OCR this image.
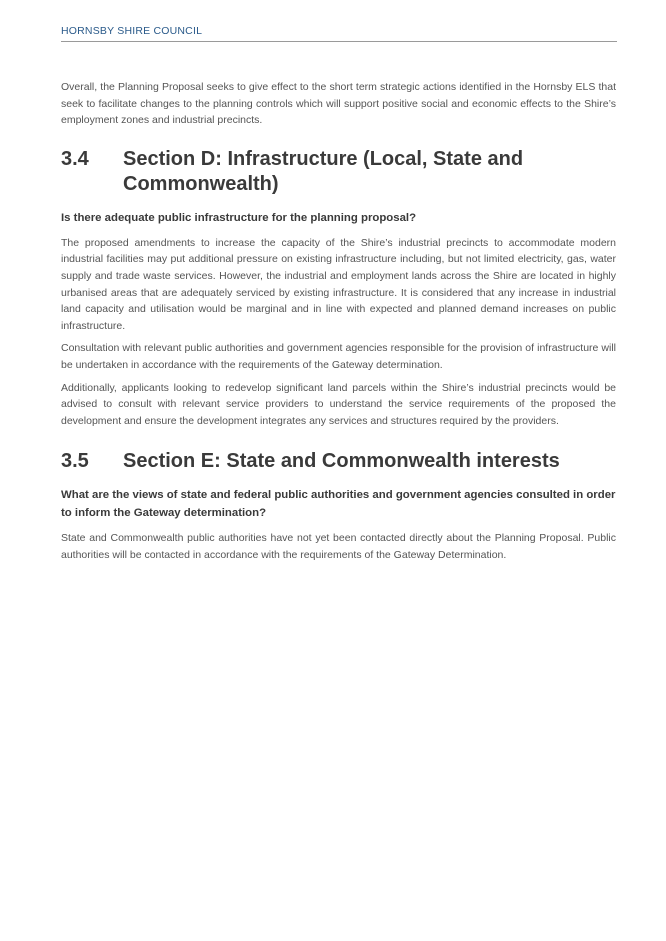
HORNSBY SHIRE COUNCIL

Overall, the Planning Proposal seeks to give effect to the short term strategic actions identified in the Hornsby ELS that seek to facilitate changes to the planning controls which will support positive social and economic effects to the Shire’s employment zones and industrial precincts.

3.4	Section D: Infrastructure (Local, State and Commonwealth)
Is there adequate public infrastructure for the planning proposal?

The proposed amendments to increase the capacity of the Shire’s industrial precincts to accommodate modern industrial facilities may put additional pressure on existing infrastructure including, but not limited electricity, gas, water supply and trade waste services. However, the industrial and employment lands across the Shire are located in highly urbanised areas that are adequately serviced by existing infrastructure. It is considered that any increase in industrial land capacity and utilisation would be marginal and in line with expected and planned demand increases on public infrastructure.

Consultation with relevant public authorities and government agencies responsible for the provision of infrastructure will be undertaken in accordance with the requirements of the Gateway determination.

Additionally, applicants looking to redevelop significant land parcels within the Shire’s industrial precincts would be advised to consult with relevant service providers to understand the service requirements of the proposed the development and ensure the development integrates any services and structures required by the providers.

3.5	Section E: State and Commonwealth interests
What are the views of state and federal public authorities and government agencies consulted in order to inform the Gateway determination?

State and Commonwealth public authorities have not yet been contacted directly about the Planning Proposal. Public authorities will be contacted in accordance with the requirements of the Gateway Determination.
